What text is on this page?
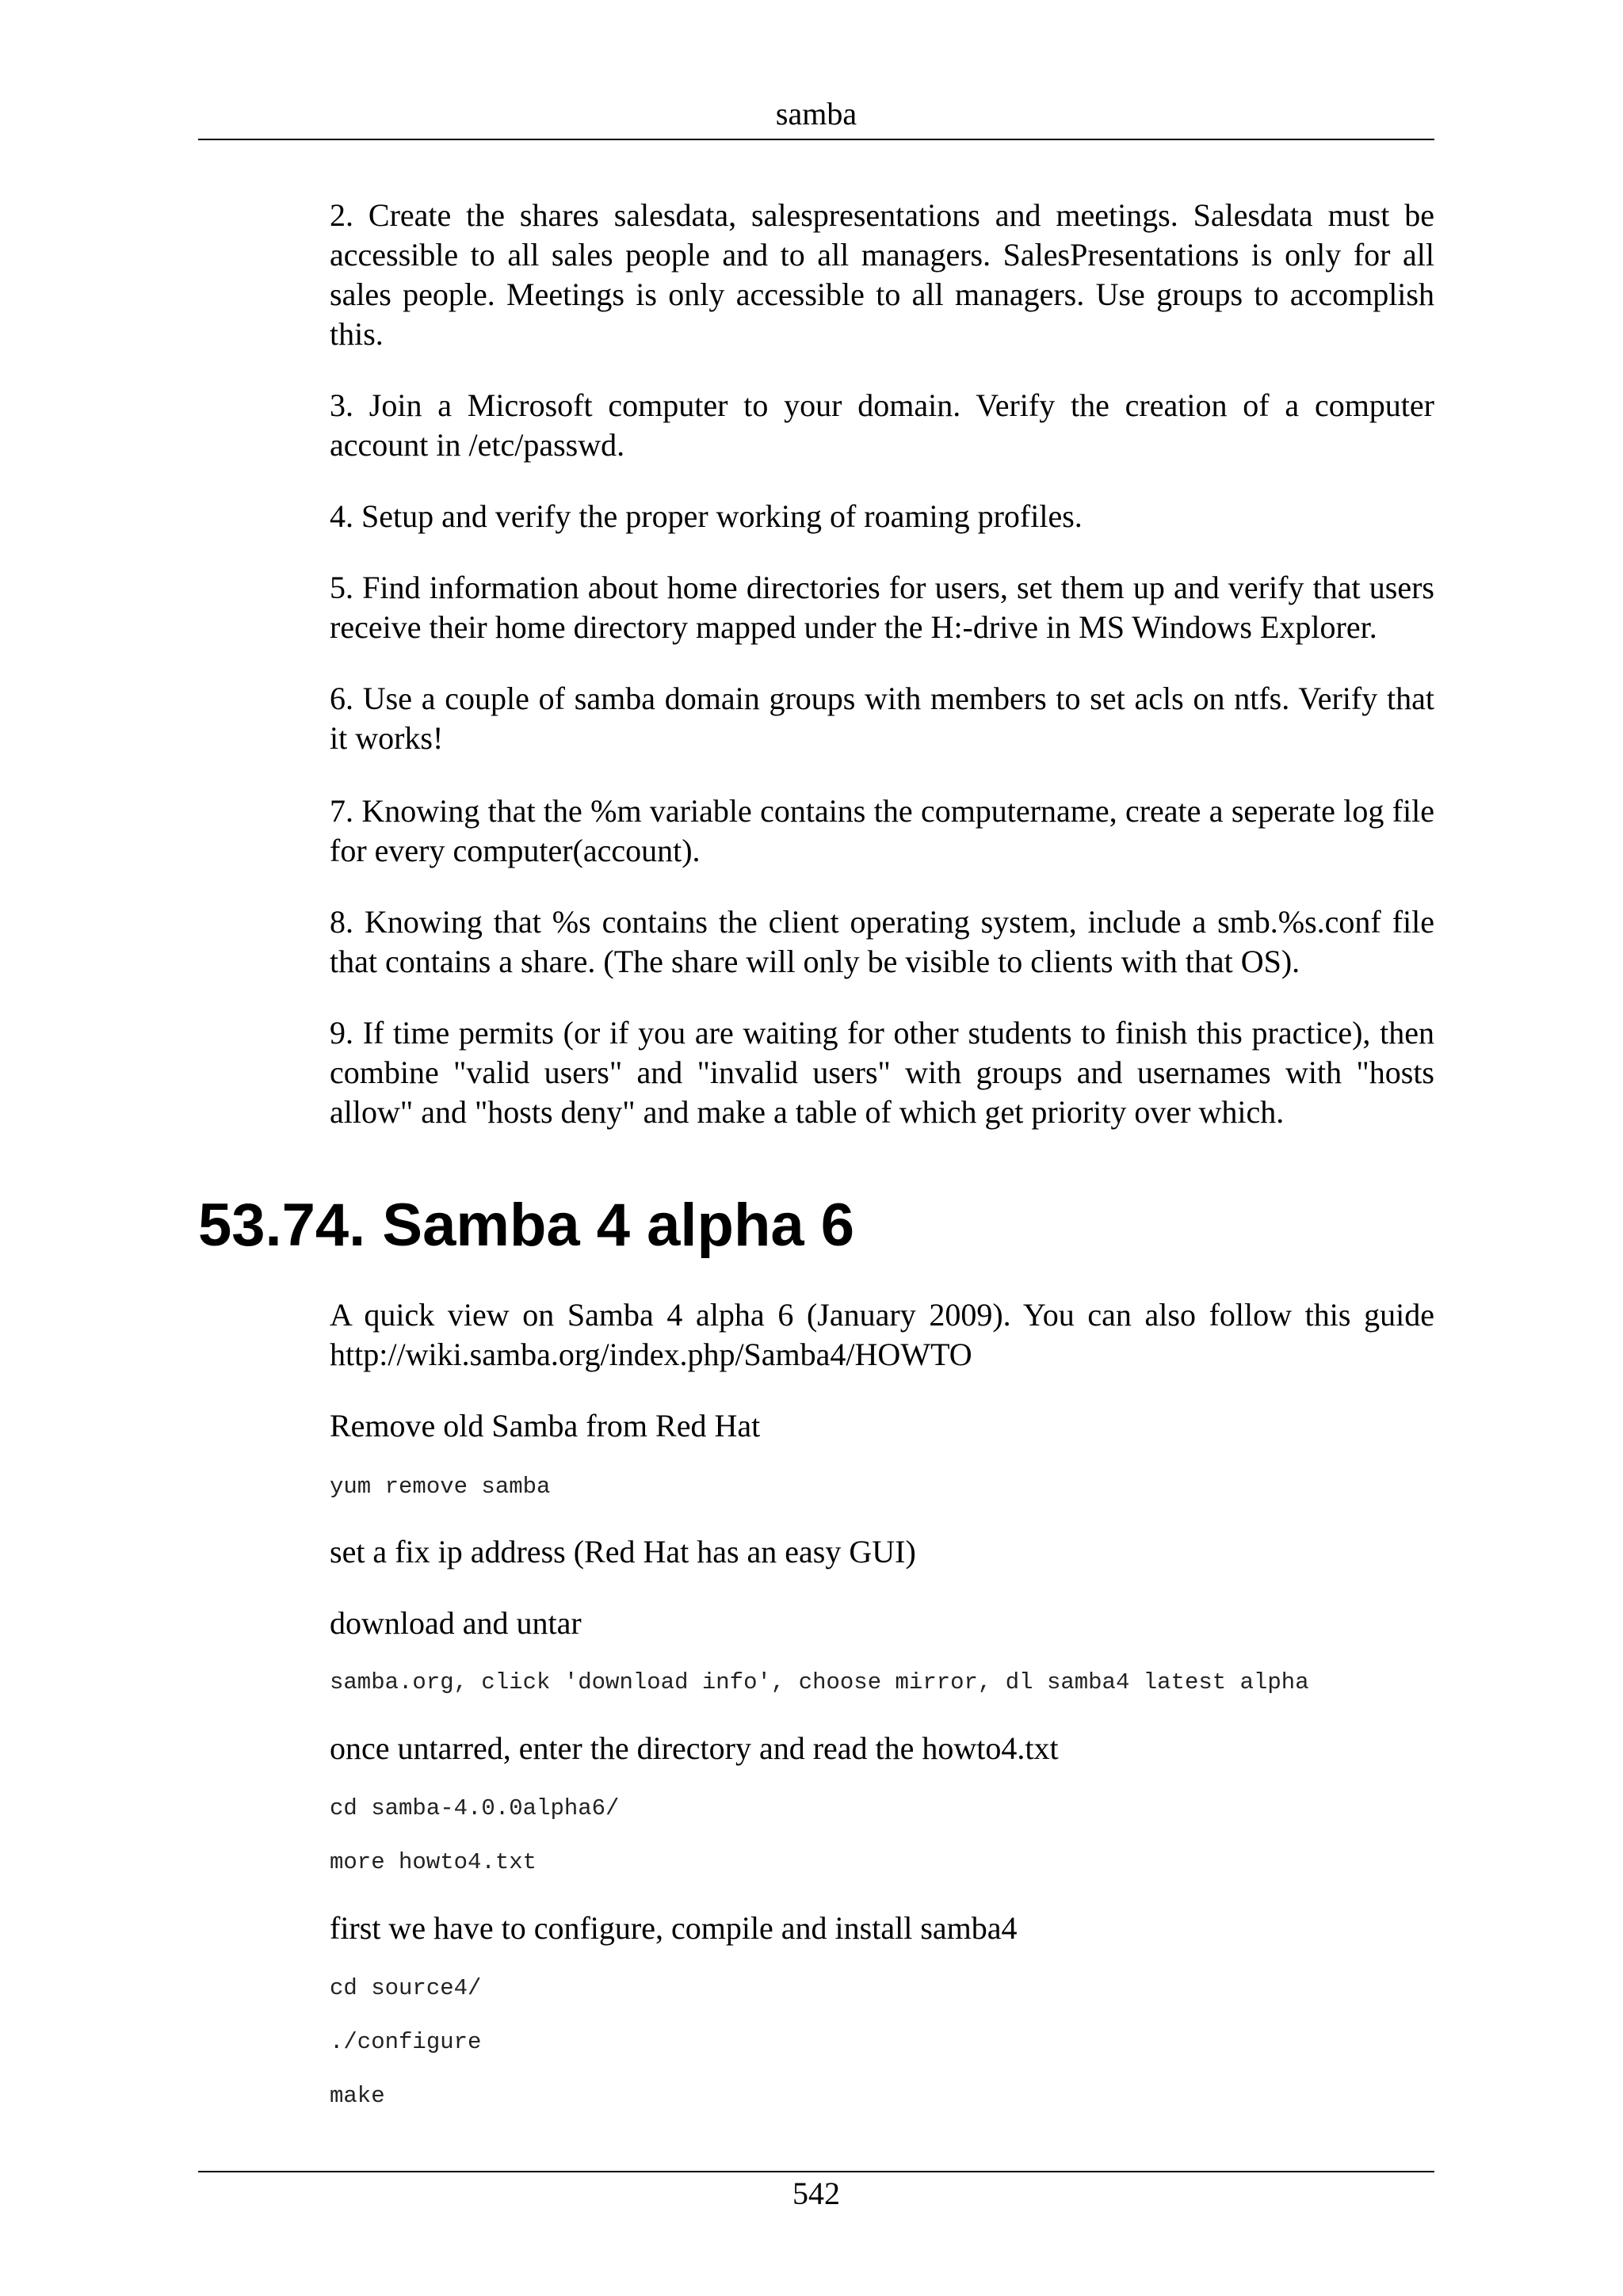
samba

2. Create the shares salesdata, salespresentations and meetings. Salesdata must be accessible to all sales people and to all managers. SalesPresentations is only for all sales people. Meetings is only accessible to all managers. Use groups to accomplish this.

3. Join a Microsoft computer to your domain. Verify the creation of a computer account in /etc/passwd.

4. Setup and verify the proper working of roaming profiles.

5. Find information about home directories for users, set them up and verify that users receive their home directory mapped under the H:-drive in MS Windows Explorer.

6. Use a couple of samba domain groups with members to set acls on ntfs. Verify that it works!

7. Knowing that the %m variable contains the computername, create a seperate log file for every computer(account).

8. Knowing that %s contains the client operating system, include a smb.%s.conf file that contains a share. (The share will only be visible to clients with that OS).

9. If time permits (or if you are waiting for other students to finish this practice), then combine "valid users" and "invalid users" with groups and usernames with "hosts allow" and "hosts deny" and make a table of which get priority over which.

53.74. Samba 4 alpha 6

A quick view on Samba 4 alpha 6 (January 2009). You can also follow this guide http://wiki.samba.org/index.php/Samba4/HOWTO

Remove old Samba from Red Hat

yum remove samba

set a fix ip address (Red Hat has an easy GUI)

download and untar

samba.org, click 'download info', choose mirror, dl samba4 latest alpha

once untarred, enter the directory and read the howto4.txt

cd samba-4.0.0alpha6/

more howto4.txt

first we have to configure, compile and install samba4

cd source4/

./configure

make

542
